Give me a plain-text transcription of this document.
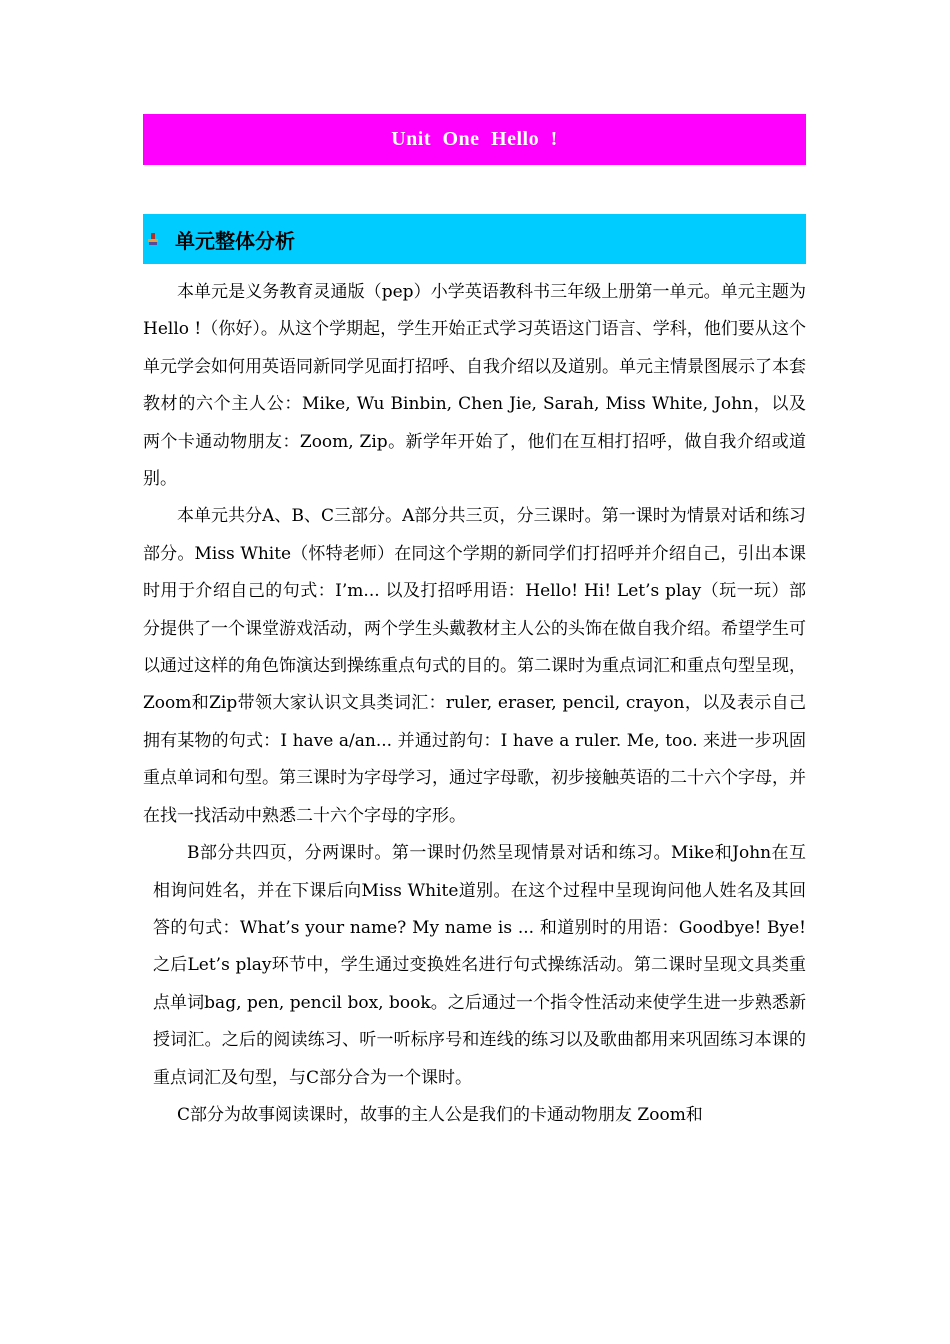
Unit One Hello !
单元整体分析

本单元是义务教育灵通版（pep）小学英语教科书三年级上册第一单元。单元主题为Hello !（你好）。从这个学期起，学生开始正式学习英语这门语言、学科，他们要从这个单元学会如何用英语同新同学见面打招呼、自我介绍以及道别。单元主情景图展示了本套教材的六个主人公：Mike, Wu Binbin, Chen Jie, Sarah, Miss White, John，以及两个卡通动物朋友：Zoom, Zip。新学年开始了，他们在互相打招呼，做自我介绍或道别。

本单元共分A、B、C三部分。A部分共三页，分三课时。第一课时为情景对话和练习部分。Miss White（怀特老师）在同这个学期的新同学们打招呼并介绍自己，引出本课时用于介绍自己的句式：I’m... 以及打招呼用语：Hello! Hi! Let’s play（玩一玩）部分提供了一个课堂游戏活动，两个学生头戴教材主人公的头饰在做自我介绍。希望学生可以通过这样的角色饰演达到操练重点句式的目的。第二课时为重点词汇和重点句型呈现，Zoom和Zip带领大家认识文具类词汇：ruler, eraser, pencil, crayon，以及表示自己拥有某物的句式：I have a/an... 并通过韵句：I have a ruler. Me, too. 来进一步巩固重点单词和句型。第三课时为字母学习，通过字母歌，初步接触英语的二十六个字母，并在找一找活动中熟悉二十六个字母的字形。

B部分共四页，分两课时。第一课时仍然呈现情景对话和练习。Mike和John在互相询问姓名，并在下课后向Miss White道别。在这个过程中呈现询问他人姓名及其回答的句式：What’s your name? My name is ... 和道别时的用语：Goodbye! Bye! 之后Let’s play环节中，学生通过变换姓名进行句式操练活动。第二课时呈现文具类重点单词bag, pen, pencil box, book。之后通过一个指令性活动来使学生进一步熟悉新授词汇。之后的阅读练习、听一听标序号和连线的练习以及歌曲都用来巩固练习本课的重点词汇及句型，与C部分合为一个课时。

C部分为故事阅读课时，故事的主人公是我们的卡通动物朋友 Zoom和
